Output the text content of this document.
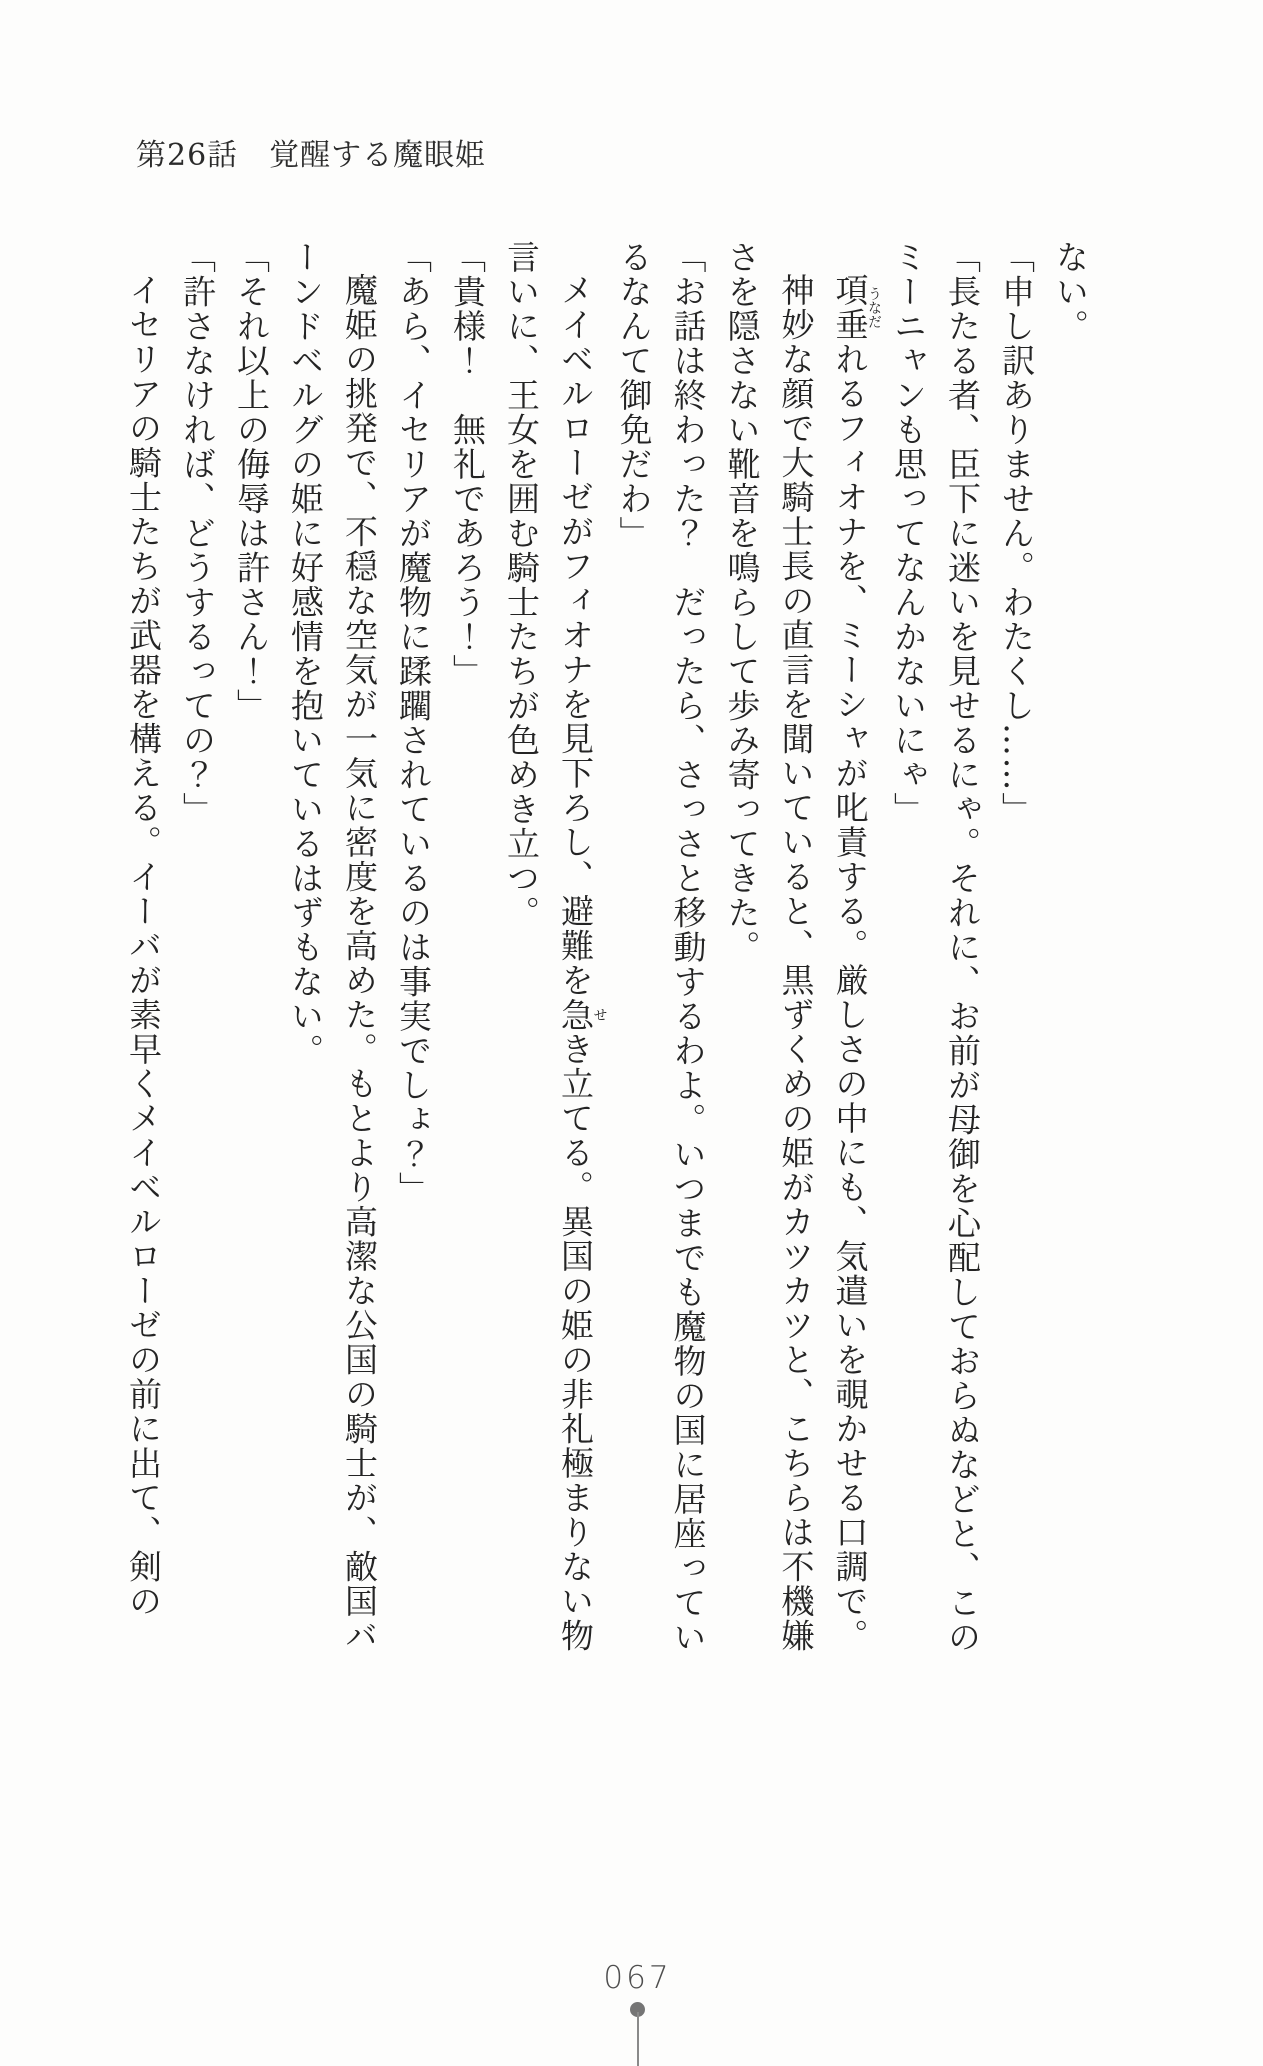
第26話　覚醒する魔眼姫

ない。

「申し訳ありません。わたくし……」

「長たる者、臣下に迷いを見せるにゃ。それに、お前が母御を心配しておらぬなどと、このミーニャンも思ってなんかないにゃ」

項垂うなだれるフィオナを、ミーシャが叱責する。厳しさの中にも、気遣いを覗かせる口調で。

神妙な顔で大騎士長の直言を聞いていると、黒ずくめの姫がカツカツと、こちらは不機嫌さを隠さない靴音を鳴らして歩み寄ってきた。

「お話は終わった？　だったら、さっさと移動するわよ。いつまでも魔物の国に居座っているなんて御免だわ」

メイベルローゼがフィオナを見下ろし、避難を急せき立てる。異国の姫の非礼極まりない物言いに、王女を囲む騎士たちが色めき立つ。

「貴様！　無礼であろう！」

「あら、イセリアが魔物に蹂躙されているのは事実でしょ？」

魔姫の挑発で、不穏な空気が一気に密度を高めた。もとより高潔な公国の騎士が、敵国バーンドベルグの姫に好感情を抱いているはずもない。

「それ以上の侮辱は許さん！」

「許さなければ、どうするっての？」

イセリアの騎士たちが武器を構える。イーバが素早くメイベルローゼの前に出て、剣の

067
